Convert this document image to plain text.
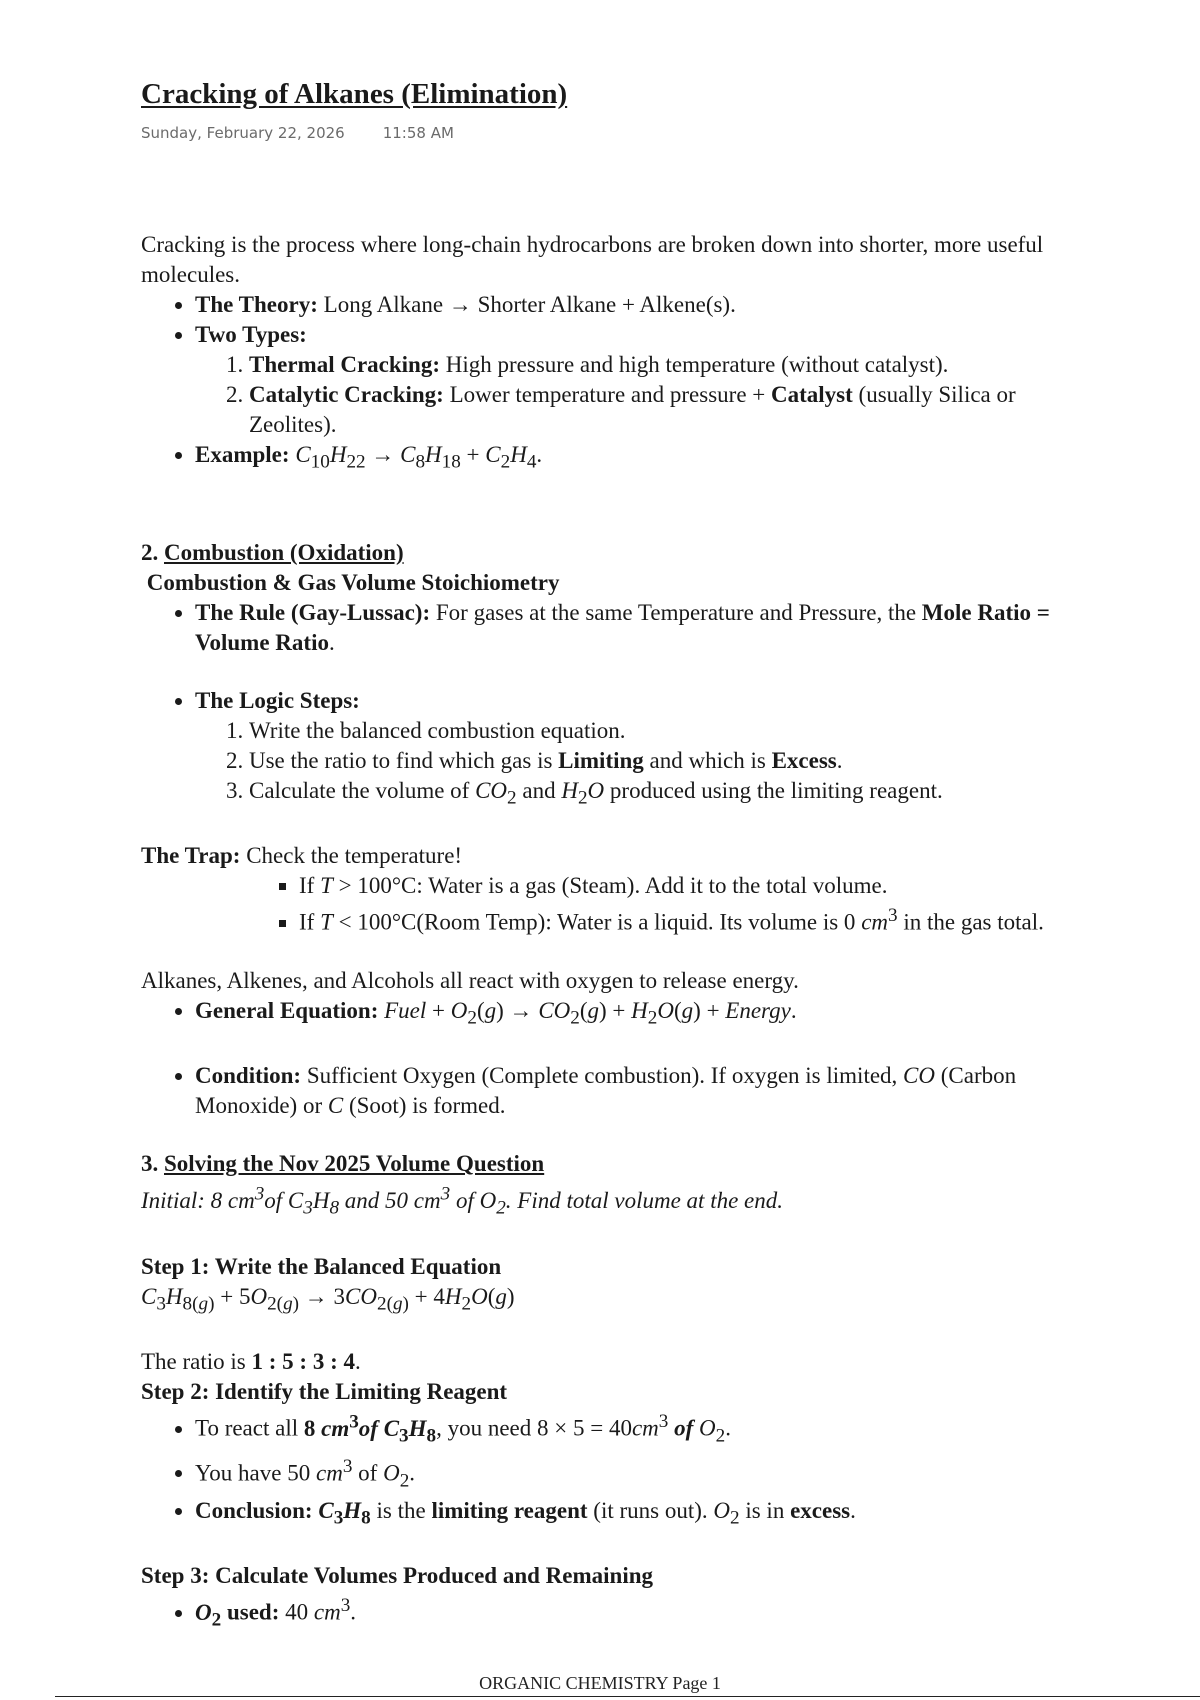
Cracking of Alkanes (Elimination)
Sunday, February 22, 2026	11:58 AM

Cracking is the process where long-chain hydrocarbons are broken down into shorter, more useful molecules.

• The Theory: Long Alkane → Shorter Alkane + Alkene(s).
• Two Types:
1. Thermal Cracking: High pressure and high temperature (without catalyst).
2. Catalytic Cracking: Lower temperature and pressure + Catalyst (usually Silica or Zeolites).
• Example: $C_{10}H_{22} \to C_8H_{18} + C_2H_4$.

2. Combustion (Oxidation)

Combustion & Gas Volume Stoichiometry

• The Rule (Gay-Lussac): For gases at the same Temperature and Pressure, the Mole Ratio = Volume Ratio.
• The Logic Steps:
1. Write the balanced combustion equation.
2. Use the ratio to find which gas is Limiting and which is Excess.
3. Calculate the volume of $CO_2$ and $H_2O$ produced using the limiting reagent.

The Trap: Check the temperature!

▪ If T > 100°C: Water is a gas (Steam). Add it to the total volume.
▪ If T < 100°C(Room Temp): Water is a liquid. Its volume is 0 $cm^3$ in the gas total.

Alkanes, Alkenes, and Alcohols all react with oxygen to release energy.

• General Equation: Fuel + $O_2(g) \to CO_2(g) + H_2O(g)$ + Energy.
• Condition: Sufficient Oxygen (Complete combustion). If oxygen is limited, CO (Carbon Monoxide) or C (Soot) is formed.

3. Solving the Nov 2025 Volume Question

Initial: 8 $cm^3of$ $C_3H_8$ and 50 $cm^3$ of $O_2$. Find total volume at the end.

Step 1: Write the Balanced Equation

$C_3H_{8(g)} + 5O_{2(g)} \to 3CO_{2(g)} + 4H_2O(g)$

The ratio is 1 : 5 : 3 : 4.

Step 2: Identify the Limiting Reagent

• To react all 8 $cm^3of$ $C_3H_8$, you need $8 \times 5 = 40cm^3$ of $O_2$.
• You have 50 $cm^3$ of $O_2$.
• Conclusion: $C_3H_8$ is the limiting reagent (it runs out). $O_2$ is in excess.

Step 3: Calculate Volumes Produced and Remaining

• $O_2$ used: 40 $cm^3$.
ORGANIC CHEMISTRY Page 1
